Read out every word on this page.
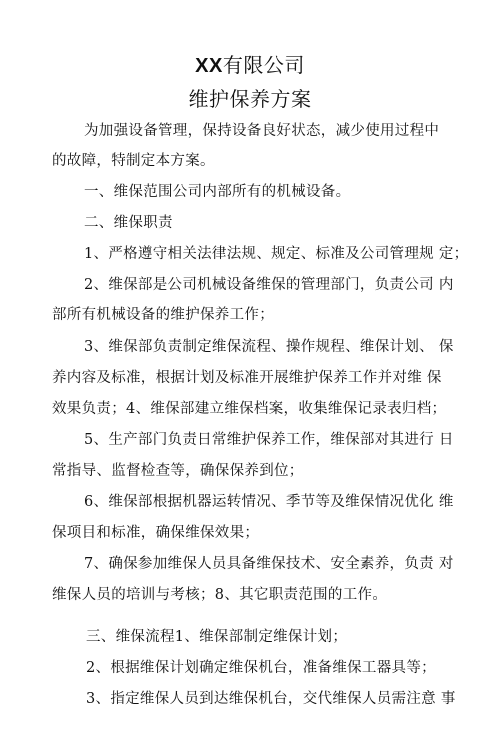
XX有限公司
维护保养方案
为加强设备管理，保持设备良好状态，减少使用过程中
的故障，特制定本方案。
一、维保范围公司内部所有的机械设备。
二、维保职责
1、严格遵守相关法律法规、规定、标准及公司管理规 定；
2、维保部是公司机械设备维保的管理部门，负责公司 内
部所有机械设备的维护保养工作；
3、维保部负责制定维保流程、操作规程、维保计划、 保
养内容及标准，根据计划及标准开展维护保养工作并对维 保
效果负责；4、维保部建立维保档案，收集维保记录表归档；
5、生产部门负责日常维护保养工作，维保部对其进行 日
常指导、监督检查等，确保保养到位；
6、维保部根据机器运转情况、季节等及维保情况优化 维
保项目和标准，确保维保效果；
7、确保参加维保人员具备维保技术、安全素养，负责 对
维保人员的培训与考核；8、其它职责范围的工作。
三、维保流程1、维保部制定维保计划；
2、根据维保计划确定维保机台，准备维保工器具等；
3、指定维保人员到达维保机台，交代维保人员需注意 事
